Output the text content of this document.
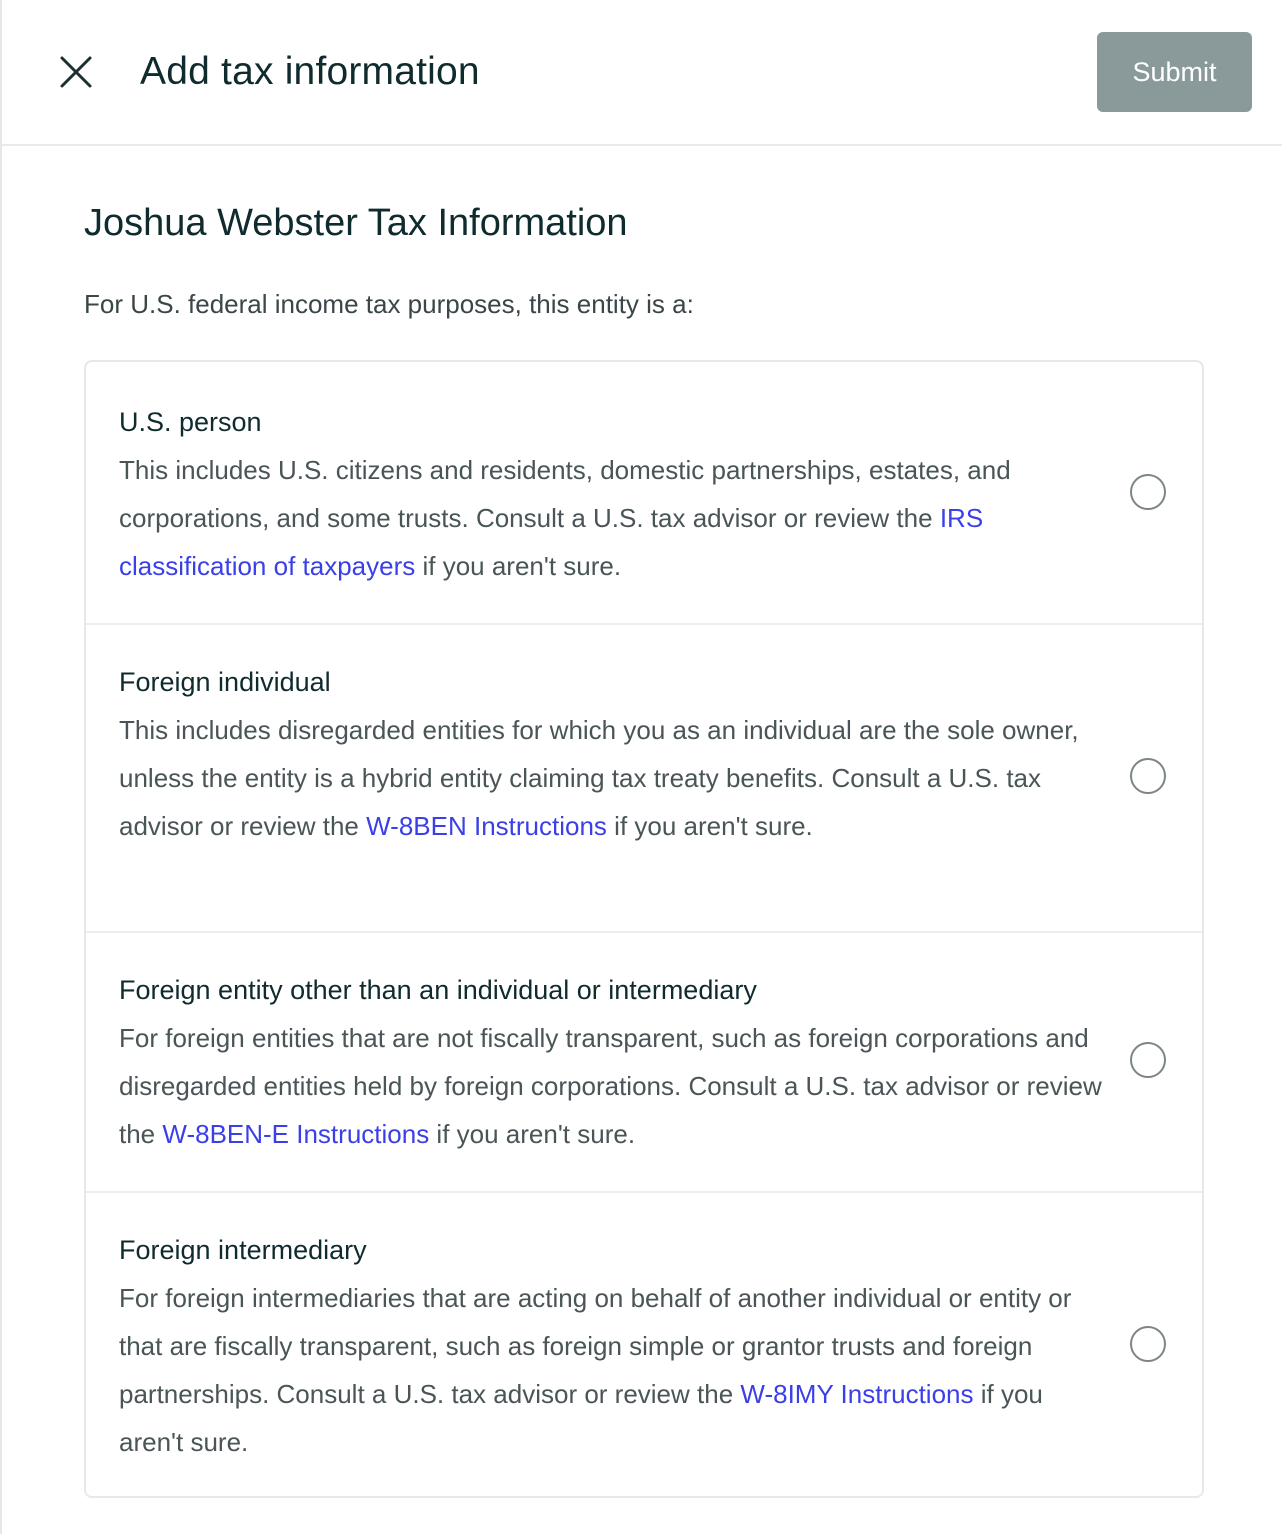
Add tax information	Submit
Joshua Webster Tax Information
For U.S. federal income tax purposes, this entity is a:

U.S. person

This includes U.S. citizens and residents, domestic partnerships, estates, and corporations, and some trusts. Consult a U.S. tax advisor or review the IRS classification of taxpayers if you aren't sure.

Foreign individual

This includes disregarded entities for which you as an individual are the sole owner, unless the entity is a hybrid entity claiming tax treaty benefits. Consult a U.S. tax advisor or review the W-8BEN Instructions if you aren't sure.

Foreign entity other than an individual or intermediary

For foreign entities that are not fiscally transparent, such as foreign corporations and disregarded entities held by foreign corporations. Consult a U.S. tax advisor or review the W-8BEN-E Instructions if you aren't sure.

Foreign intermediary

For foreign intermediaries that are acting on behalf of another individual or entity or that are fiscally transparent, such as foreign simple or grantor trusts and foreign partnerships. Consult a U.S. tax advisor or review the W-8IMY Instructions if you aren't sure.
